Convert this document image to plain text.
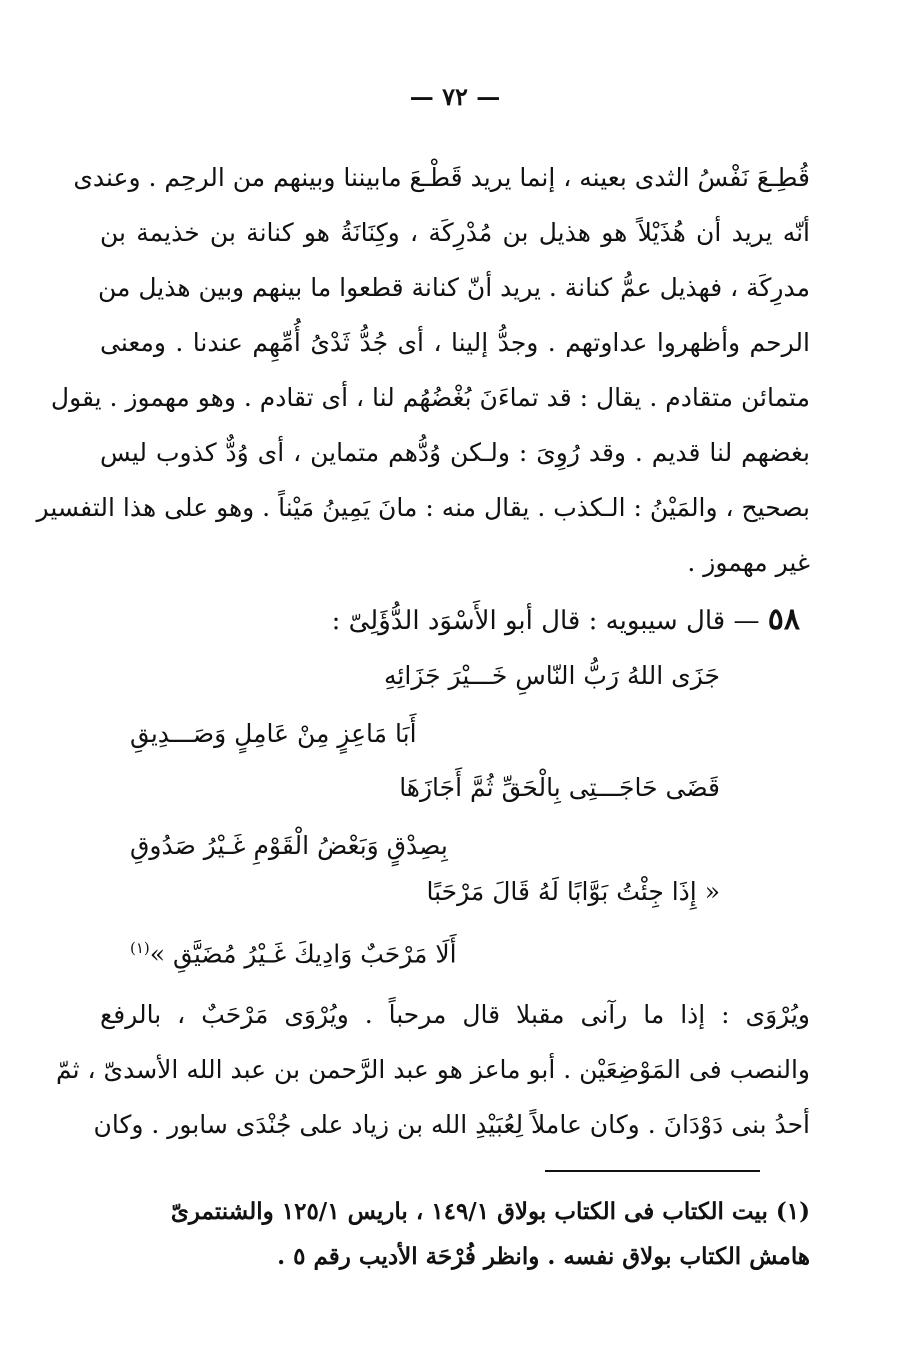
— ٧٢ —
قُطِـعَ نَفْسُ الثدى بعينه ، إنما يريد قَطْـعَ مابيننا وبينهم من الرحِم . وعندى
أنّه يريد أن هُذَيْلاً هو هذيل بن مُدْرِكَة ، وكِنَانَةُ هو كنانة بن خذيمة بن
مدرِكَة ، فهذيل عمُّ كنانة . يريد أنّ كنانة قطعوا ما بينهم وبين هذيل من
الرحم وأظهروا عداوتهم . وجدُّ إلينا ، أى جُدُّ ثَدْىُ أُمِّهِم عندنا . ومعنى
متمائن متقادم . يقال : قد تماءَنَ بُغْضُهُم لنا ، أى تقادم . وهو مهموز . يقول
بغضهم لنا قديم . وقد رُوِىَ : ولـكن وُدُّهم متماين ، أى وُدٌّ كذوب ليس
بصحيح ، والمَيْنُ : الـكذب . يقال منه : مانَ يَمِينُ مَيْناً . وهو على هذا التفسير
غير مهموز .
٥٨ — قال سيبويه : قال أبو الأَسْوَد الدُّؤَلِىّ :
جَزَى اللهُ رَبُّ النّاسِ خَـــيْرَ جَزَائِهِ
أَبَا مَاعِزٍ مِنْ عَامِلٍ وَصَـــدِيقِ
قَضَى حَاجَـــتِى بِالْحَقِّ ثُمَّ أَجَازَهَا
بِصِدْقٍ وَبَعْضُ الْقَوْمِ غَـيْرُ صَدُوقِ
« إِذَا جِئْتُ بَوَّابًا لَهُ قَالَ مَرْحَبًا
أَلَا مَرْحَبٌ وَادِيكَ غَـيْرُ مُضَيَّقِ »$^{(١)}$
ويُرْوَى : إذا ما رآنى مقبلا قال مرحباً . ويُرْوَى مَرْحَبٌ ، بالرفع
والنصب فى المَوْضِعَيْن . أبو ماعز هو عبد الرَّحمن بن عبد الله الأسدىّ ، ثمّ
أحدُ بنى دَوْدَانَ . وكان عاملاً لِعُبَيْدِ الله بن زياد على جُنْدَى سابور . وكان
(١) بيت الكتاب فى الكتاب بولاق ١٤٩/١ ، باريس ١٢٥/١ والشنتمرىّ
هامش الكتاب بولاق نفسه . وانظر فُرْحَة الأديب رقم ٥ .
